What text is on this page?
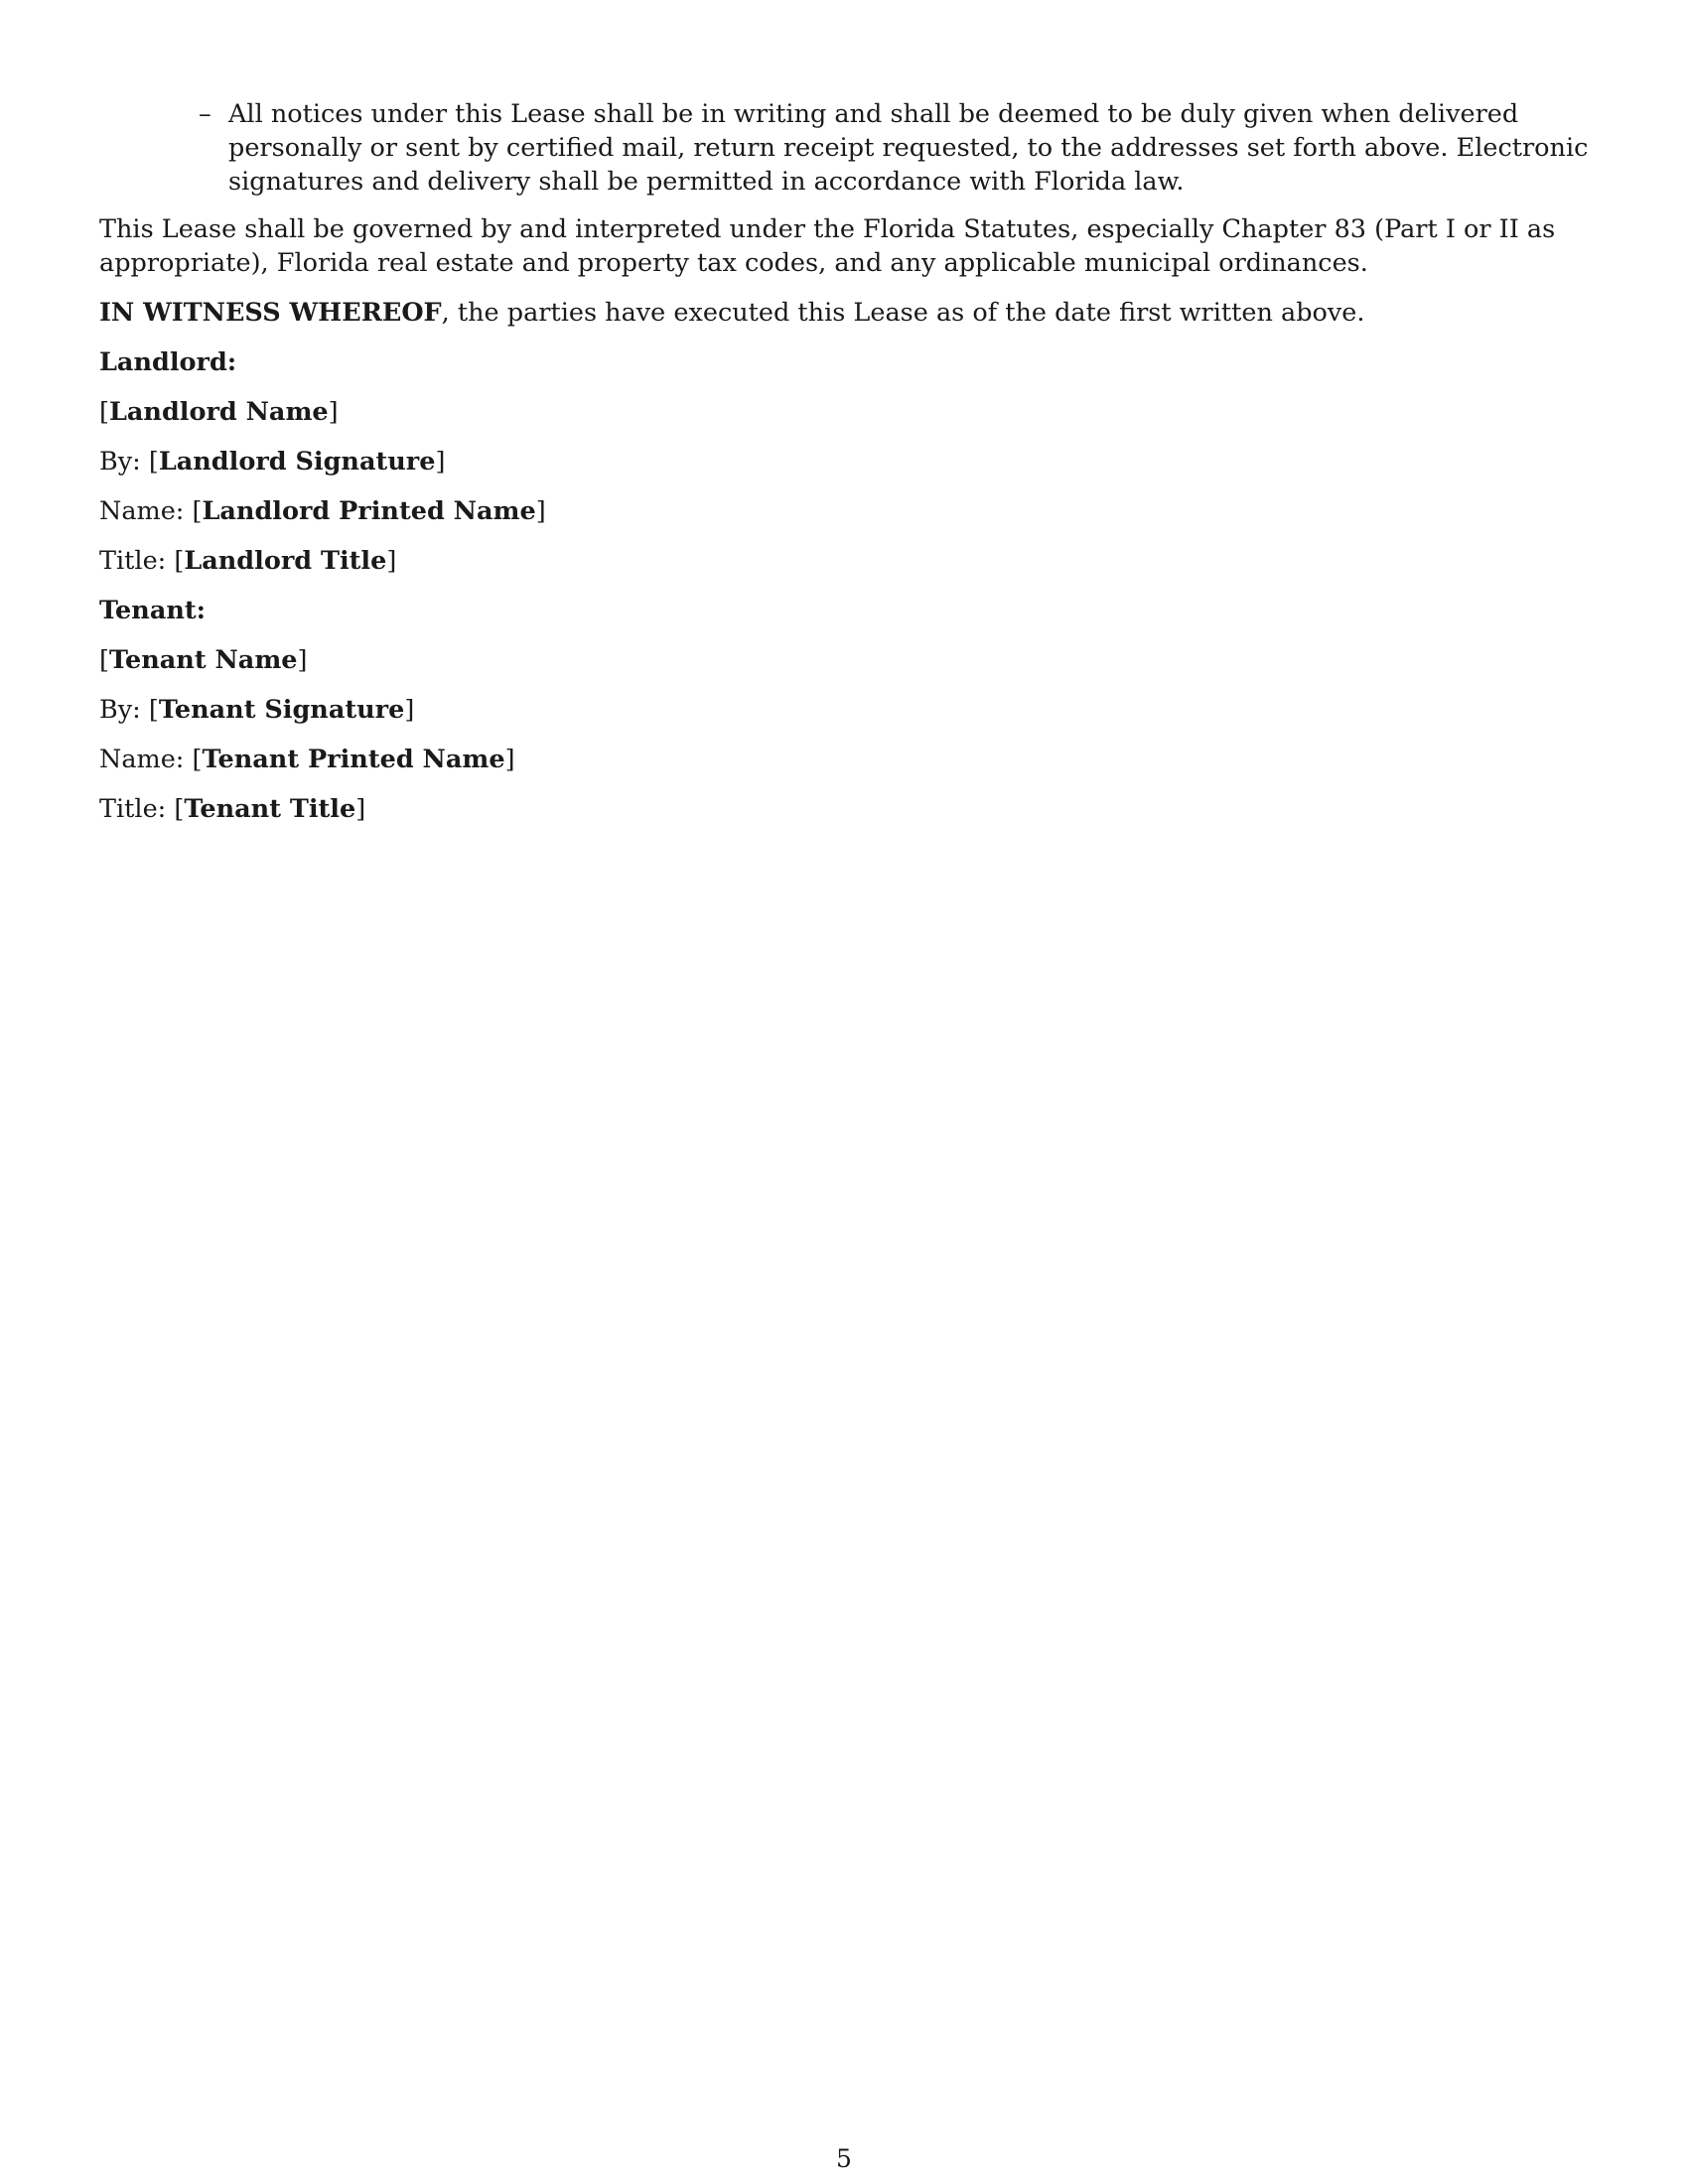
– All notices under this Lease shall be in writing and shall be deemed to be duly given when delivered personally or sent by certified mail, return receipt requested, to the addresses set forth above. Electronic signatures and delivery shall be permitted in accordance with Florida law.

This Lease shall be governed by and interpreted under the Florida Statutes, especially Chapter 83 (Part I or II as appropriate), Florida real estate and property tax codes, and any applicable municipal ordinances.

IN WITNESS WHEREOF, the parties have executed this Lease as of the date first written above.

Landlord:
[Landlord Name]
By: [Landlord Signature]
Name: [Landlord Printed Name]
Title: [Landlord Title]
Tenant:
[Tenant Name]
By: [Tenant Signature]
Name: [Tenant Printed Name]
Title: [Tenant Title]
5
